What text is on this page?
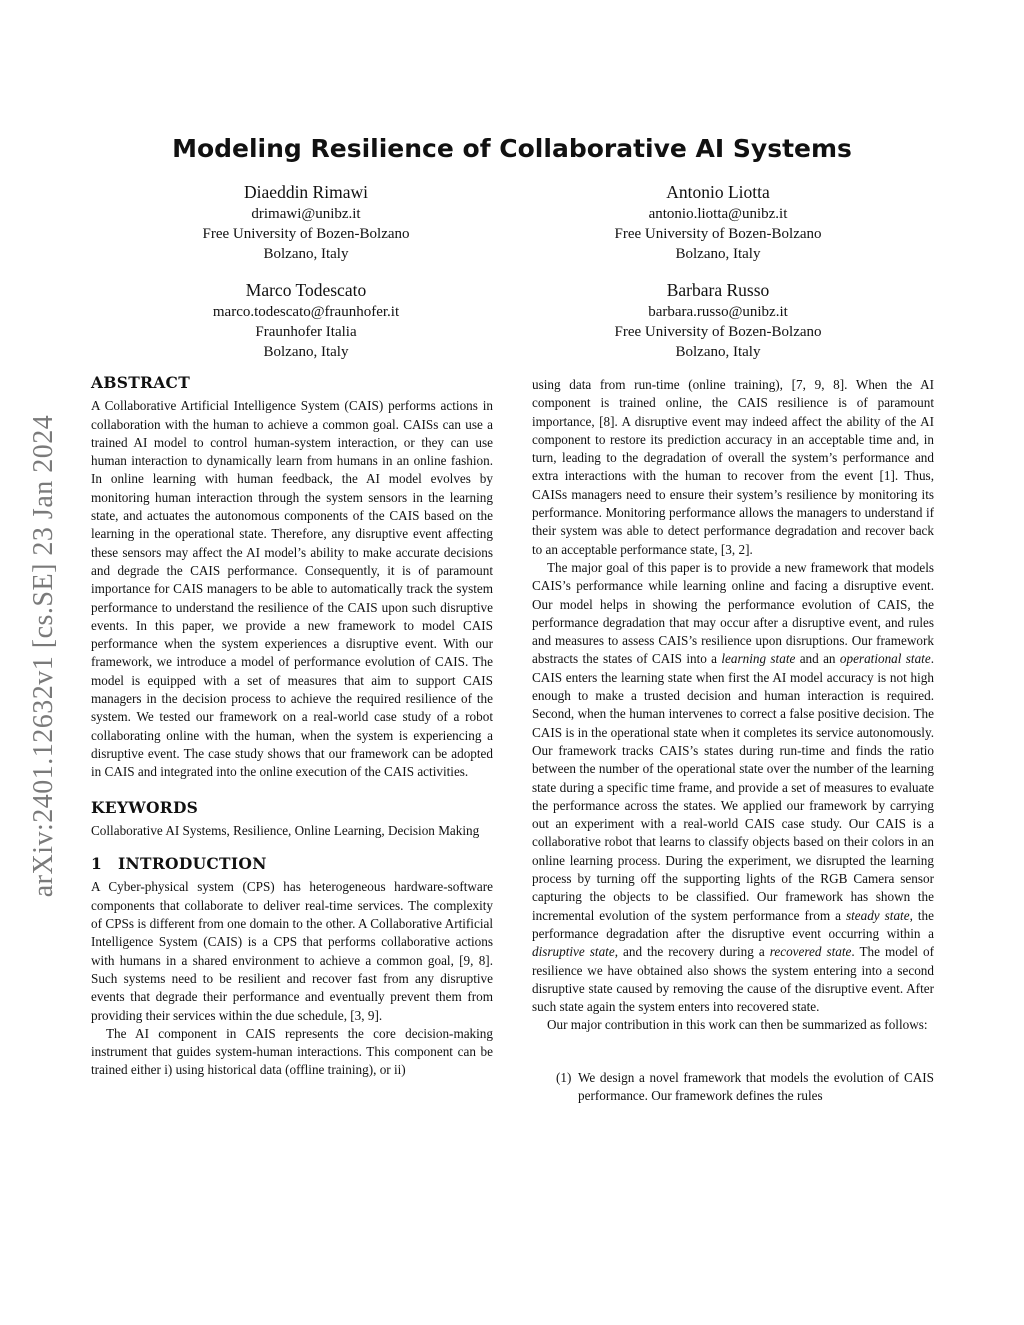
arXiv:2401.12632v1 [cs.SE] 23 Jan 2024
Modeling Resilience of Collaborative AI Systems
Diaeddin Rimawi
drimawi@unibz.it
Free University of Bozen-Bolzano
Bolzano, Italy
Antonio Liotta
antonio.liotta@unibz.it
Free University of Bozen-Bolzano
Bolzano, Italy
Marco Todescato
marco.todescato@fraunhofer.it
Fraunhofer Italia
Bolzano, Italy
Barbara Russo
barbara.russo@unibz.it
Free University of Bozen-Bolzano
Bolzano, Italy
ABSTRACT

A Collaborative Artificial Intelligence System (CAIS) performs actions in collaboration with the human to achieve a common goal. CAISs can use a trained AI model to control human-system interaction, or they can use human interaction to dynamically learn from humans in an online fashion. In online learning with human feedback, the AI model evolves by monitoring human interaction through the system sensors in the learning state, and actuates the autonomous components of the CAIS based on the learning in the operational state. Therefore, any disruptive event affecting these sensors may affect the AI model’s ability to make accurate decisions and degrade the CAIS performance. Consequently, it is of paramount importance for CAIS managers to be able to automatically track the system performance to understand the resilience of the CAIS upon such disruptive events. In this paper, we provide a new framework to model CAIS performance when the system experiences a disruptive event. With our framework, we introduce a model of performance evolution of CAIS. The model is equipped with a set of measures that aim to support CAIS managers in the decision process to achieve the required resilience of the system. We tested our framework on a real-world case study of a robot collaborating online with the human, when the system is experiencing a disruptive event. The case study shows that our framework can be adopted in CAIS and integrated into the online execution of the CAIS activities.

KEYWORDS

Collaborative AI Systems, Resilience, Online Learning, Decision Making

1 INTRODUCTION

A Cyber-physical system (CPS) has heterogeneous hardware-software components that collaborate to deliver real-time services. The complexity of CPSs is different from one domain to the other. A Collaborative Artificial Intelligence System (CAIS) is a CPS that performs collaborative actions with humans in a shared environment to achieve a common goal, [9, 8]. Such systems need to be resilient and recover fast from any disruptive events that degrade their performance and eventually prevent them from providing their services within the due schedule, [3, 9].

The AI component in CAIS represents the core decision-making instrument that guides system-human interactions. This component can be trained either i) using historical data (offline training), or ii)

using data from run-time (online training), [7, 9, 8]. When the AI component is trained online, the CAIS resilience is of paramount importance, [8]. A disruptive event may indeed affect the ability of the AI component to restore its prediction accuracy in an acceptable time and, in turn, leading to the degradation of overall the system’s performance and extra interactions with the human to recover from the event [1]. Thus, CAISs managers need to ensure their system’s resilience by monitoring its performance. Monitoring performance allows the managers to understand if their system was able to detect performance degradation and recover back to an acceptable performance state, [3, 2].

The major goal of this paper is to provide a new framework that models CAIS’s performance while learning online and facing a disruptive event. Our model helps in showing the performance evolution of CAIS, the performance degradation that may occur after a disruptive event, and rules and measures to assess CAIS’s resilience upon disruptions. Our framework abstracts the states of CAIS into a learning state and an operational state. CAIS enters the learning state when first the AI model accuracy is not high enough to make a trusted decision and human interaction is required. Second, when the human intervenes to correct a false positive decision. The CAIS is in the operational state when it completes its service autonomously. Our framework tracks CAIS’s states during run-time and finds the ratio between the number of the operational state over the number of the learning state during a specific time frame, and provide a set of measures to evaluate the performance across the states. We applied our framework by carrying out an experiment with a real-world CAIS case study. Our CAIS is a collaborative robot that learns to classify objects based on their colors in an online learning process. During the experiment, we disrupted the learning process by turning off the supporting lights of the RGB Camera sensor capturing the objects to be classified. Our framework has shown the incremental evolution of the system performance from a steady state, the performance degradation after the disruptive event occurring within a disruptive state, and the recovery during a recovered state. The model of resilience we have obtained also shows the system entering into a second disruptive state caused by removing the cause of the disruptive event. After such state again the system enters into recovered state.

Our major contribution in this work can then be summarized as follows:

(1) We design a novel framework that models the evolution of CAIS performance. Our framework defines the rules
